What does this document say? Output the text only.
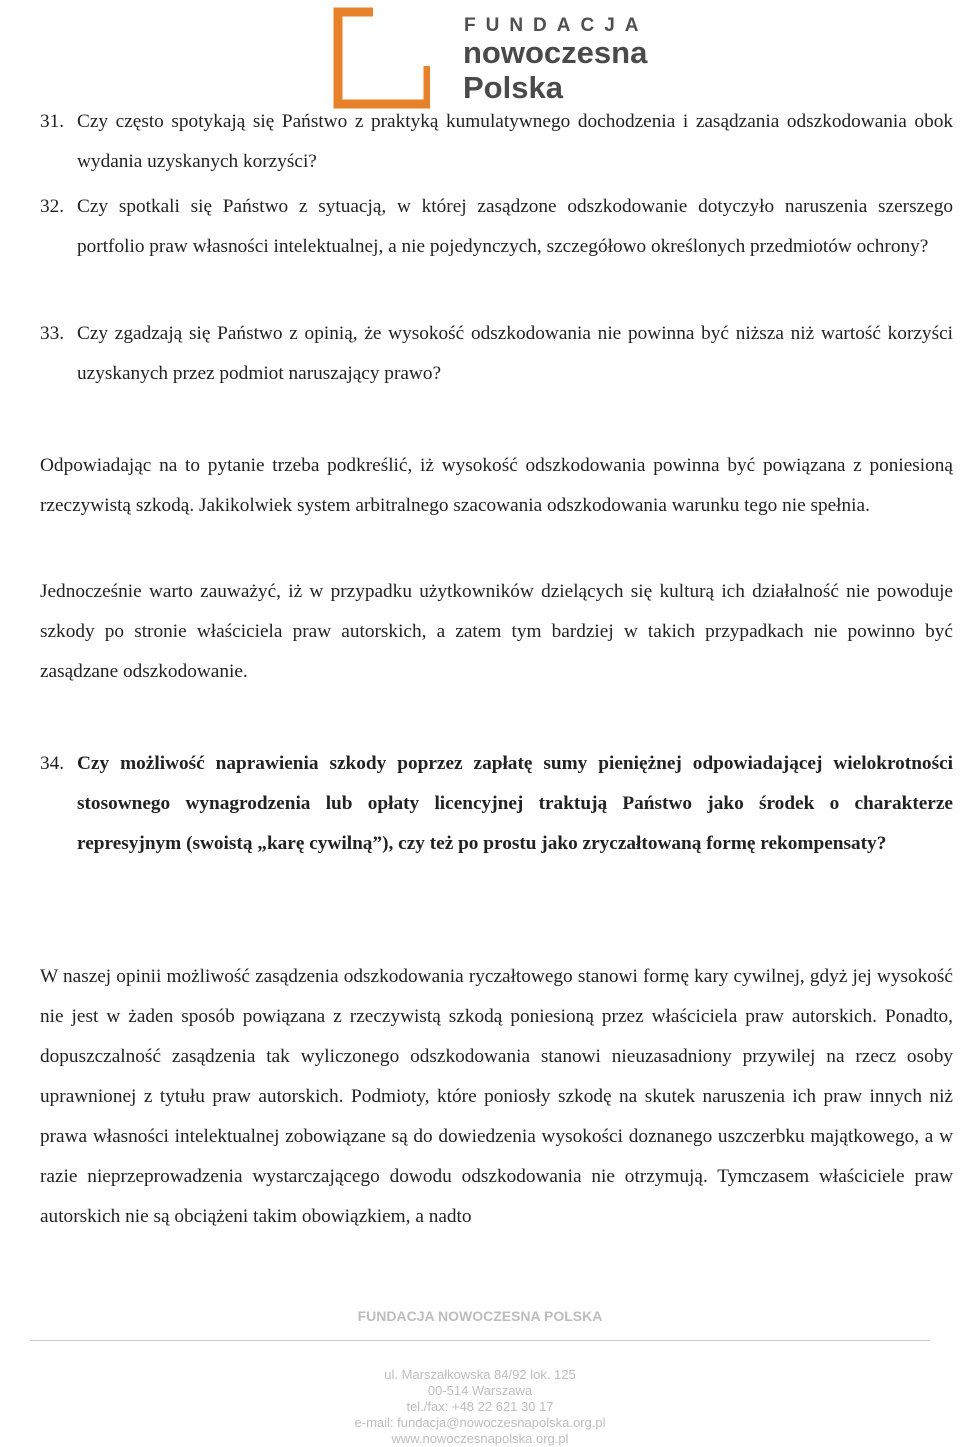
FUNDACJA
nowoczesna
Polska
31. Czy często spotykają się Państwo z praktyką kumulatywnego dochodzenia i zasądzania odszkodowania obok wydania uzyskanych korzyści?
32. Czy spotkali się Państwo z sytuacją, w której zasądzone odszkodowanie dotyczyło naruszenia szerszego portfolio praw własności intelektualnej, a nie pojedynczych, szczegółowo określonych przedmiotów ochrony?
33. Czy zgadzają się Państwo z opinią, że wysokość odszkodowania nie powinna być niższa niż wartość korzyści uzyskanych przez podmiot naruszający prawo?
Odpowiadając na to pytanie trzeba podkreślić, iż wysokość odszkodowania powinna być powiązana z poniesioną rzeczywistą szkodą. Jakikolwiek system arbitralnego szacowania odszkodowania warunku tego nie spełnia.
Jednocześnie warto zauważyć, iż w przypadku użytkowników dzielących się kulturą ich działalność nie powoduje szkody po stronie właściciela praw autorskich, a zatem tym bardziej w takich przypadkach nie powinno być zasądzane odszkodowanie.
34. Czy możliwość naprawienia szkody poprzez zapłatę sumy pieniężnej odpowiadającej wielokrotności stosownego wynagrodzenia lub opłaty licencyjnej traktują Państwo jako środek o charakterze represyjnym (swoistą „karę cywilną”), czy też po prostu jako zryczałtowaną formę rekompensaty?
W naszej opinii możliwość zasądzenia odszkodowania ryczałtowego stanowi formę kary cywilnej, gdyż jej wysokość nie jest w żaden sposób powiązana z rzeczywistą szkodą poniesioną przez właściciela praw autorskich. Ponadto, dopuszczalność zasądzenia tak wyliczonego odszkodowania stanowi nieuzasadniony przywilej na rzecz osoby uprawnionej z tytułu praw autorskich. Podmioty, które poniosły szkodę na skutek naruszenia ich praw innych niż prawa własności intelektualnej zobowiązane są do dowiedzenia wysokości doznanego uszczerbku majątkowego, a w razie nieprzeprowadzenia wystarczającego dowodu odszkodowania nie otrzymują. Tymczasem właściciele praw autorskich nie są obciążeni takim obowiązkiem, a nadto
FUNDACJA NOWOCZESNA POLSKA
ul. Marszałkowska 84/92 lok. 125
00-514 Warszawa
tel./fax: +48 22 621 30 17
e-mail: fundacja@nowoczesnapolska.org.pl
www.nowoczesnapolska.org.pl
